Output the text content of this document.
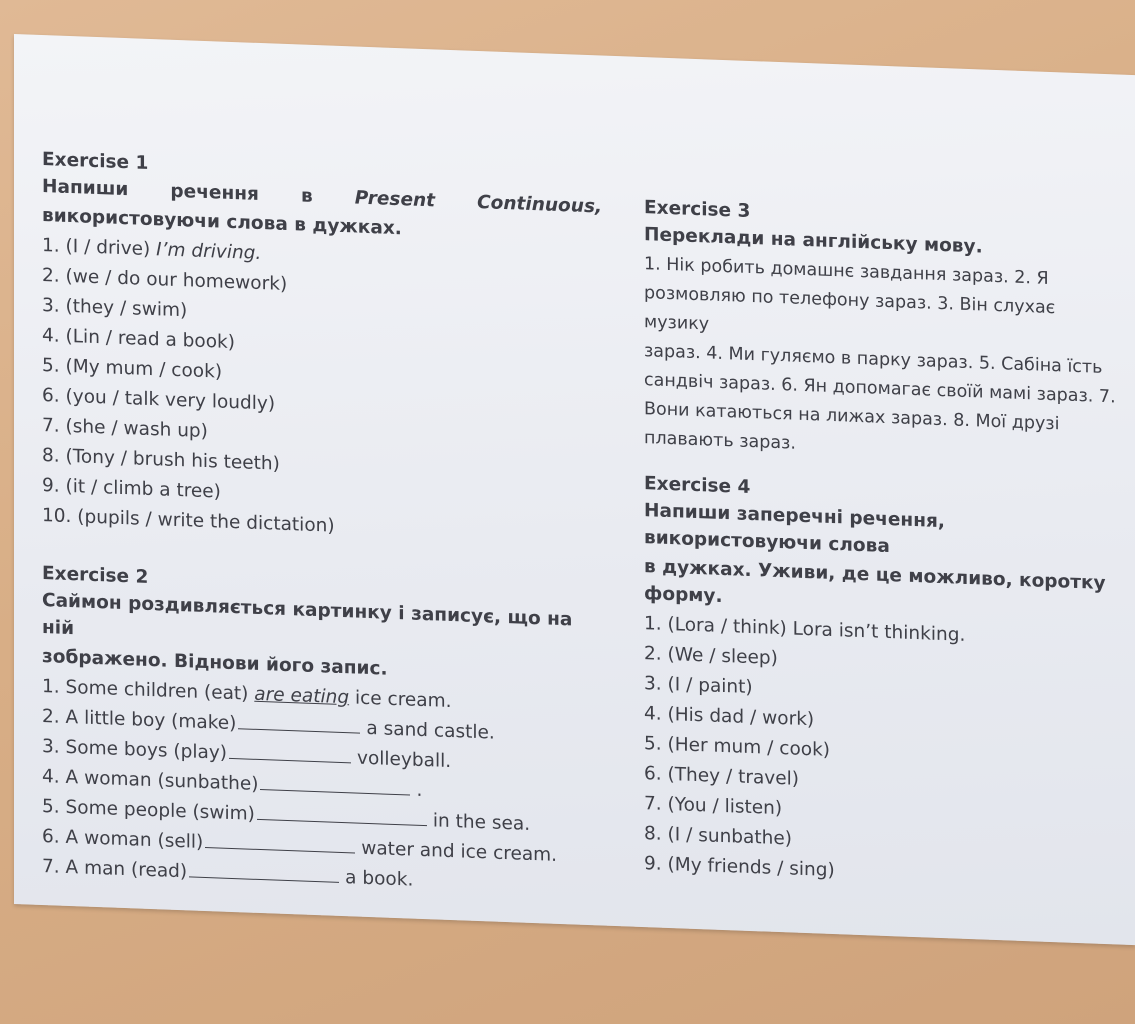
Exercise 1
Напиши речення в Present Continuous,
використовуючи слова в дужках.
1. (I / drive) I’m driving.
2. (we / do our homework)
3. (they / swim)
4. (Lin / read a book)
5. (My mum / cook)
6. (you / talk very loudly)
7. (she / wash up)
8. (Tony / brush his teeth)
9. (it / climb a tree)
10. (pupils / write the dictation)
Exercise 2
Саймон роздивляється картинку і записує, що на ній
зображено. Віднови його запис.
1. Some children (eat) are eating ice cream.
2. A little boy (make)	a sand castle.
3. Some boys (play)	volleyball.
4. A woman (sunbathe)	.
5. Some people (swim)	in the sea.
6. A woman (sell)	water and ice cream.
7. A man (read)	a book.
Exercise 3
Переклади на англійську мову.
1. Нік робить домашнє завдання зараз. 2. Я
розмовляю по телефону зараз. 3. Він слухає музику
зараз. 4. Ми гуляємо в парку зараз. 5. Сабіна їсть
сандвіч зараз. 6. Ян допомагає своїй мамі зараз. 7.
Вони катаються на лижах зараз. 8. Мої друзі
плавають зараз.
Exercise 4
Напиши заперечні речення, використовуючи слова
в дужках. Уживи, де це можливо, коротку форму.
1. (Lora / think) Lora isn’t thinking.
2. (We / sleep)
3. (I / paint)
4. (His dad / work)
5. (Her mum / cook)
6. (They / travel)
7. (You / listen)
8. (I / sunbathe)
9. (My friends / sing)
